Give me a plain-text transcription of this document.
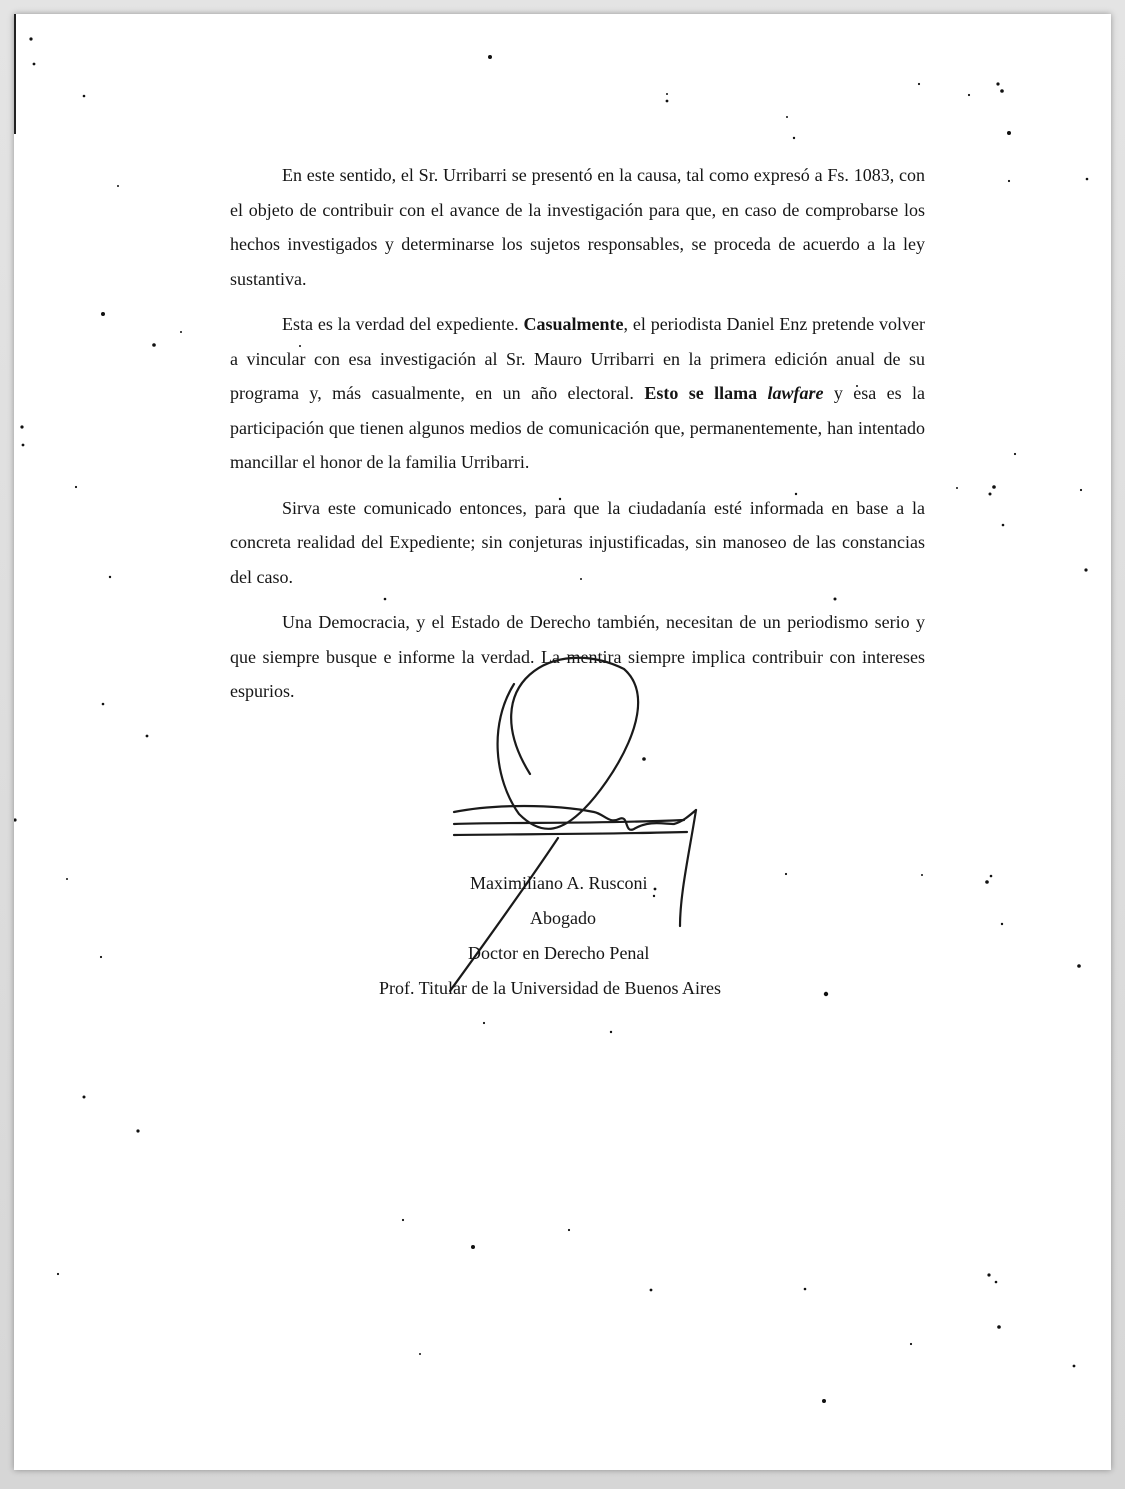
En este sentido, el Sr. Urribarri se presentó en la causa, tal como expresó a Fs. 1083, con el objeto de contribuir con el avance de la investigación para que, en caso de comprobarse los hechos investigados y determinarse los sujetos responsables, se proceda de acuerdo a la ley sustantiva.

Esta es la verdad del expediente. Casualmente, el periodista Daniel Enz pretende volver a vincular con esa investigación al Sr. Mauro Urribarri en la primera edición anual de su programa y, más casualmente, en un año electoral. Esto se llama lawfare y esa es la participación que tienen algunos medios de comunicación que, permanentemente, han intentado mancillar el honor de la familia Urribarri.

Sirva este comunicado entonces, para que la ciudadanía esté informada en base a la concreta realidad del Expediente; sin conjeturas injustificadas, sin manoseo de las constancias del caso.

Una Democracia, y el Estado de Derecho también, necesitan de un periodismo serio y que siempre busque e informe la verdad. La mentira siempre implica contribuir con intereses espurios.

Maximiliano A. Rusconi
Abogado
Doctor en Derecho Penal
Prof. Titular de la Universidad de Buenos Aires
